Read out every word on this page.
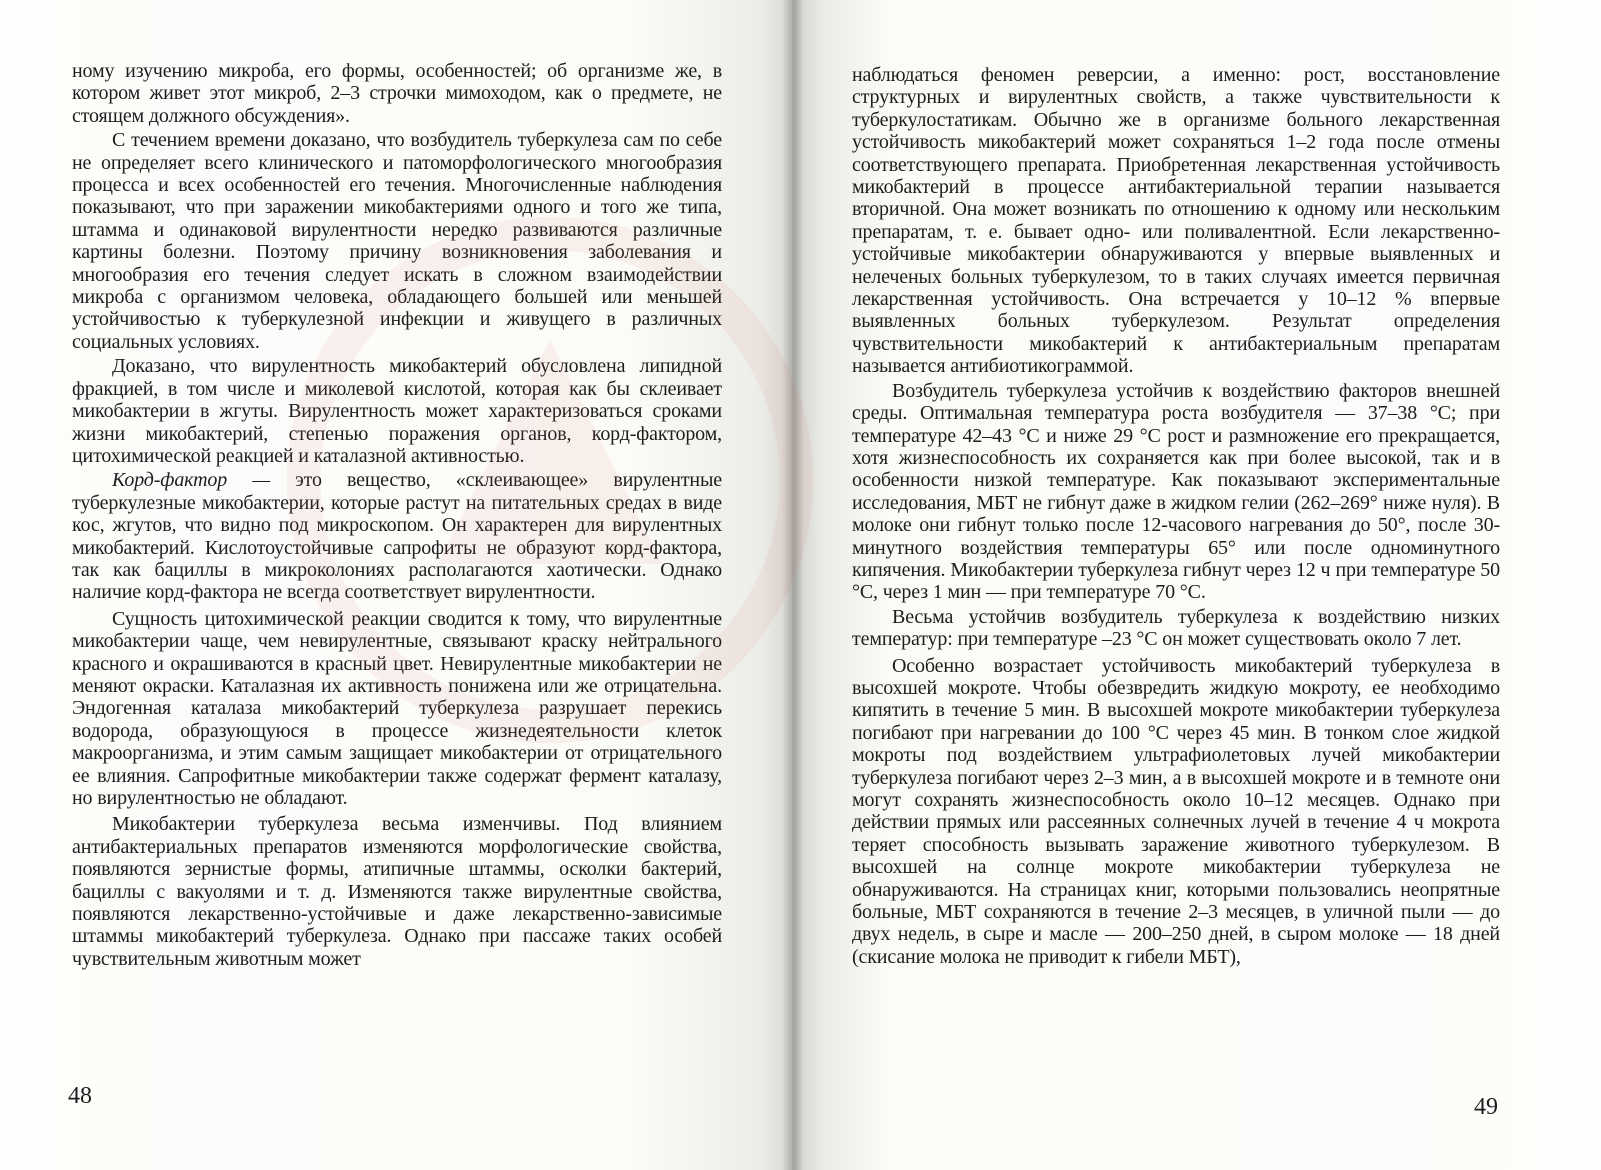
ному изучению микроба, его формы, особенностей; об организме же, в котором живет этот микроб, 2–3 строчки мимоходом, как о предмете, не стоящем должного обсуждения».

С течением времени доказано, что возбудитель туберкулеза сам по себе не определяет всего клинического и патоморфологического многообразия процесса и всех особенностей его течения. Многочисленные наблюдения показывают, что при заражении микобактериями одного и того же типа, штамма и одинаковой вирулентности нередко развиваются различные картины болезни. Поэтому причину возникновения заболевания и многообразия его течения следует искать в сложном взаимодействии микроба с организмом человека, обладающего большей или меньшей устойчивостью к туберкулезной инфекции и живущего в различных социальных условиях.

Доказано, что вирулентность микобактерий обусловлена липидной фракцией, в том числе и миколевой кислотой, которая как бы склеивает микобактерии в жгуты. Вирулентность может характеризоваться сроками жизни микобактерий, степенью поражения органов, корд-фактором, цитохимической реакцией и каталазной активностью.

Корд-фактор — это вещество, «склеивающее» вирулентные туберкулезные микобактерии, которые растут на питательных средах в виде кос, жгутов, что видно под микроскопом. Он характерен для вирулентных микобактерий. Кислотоустойчивые сапрофиты не образуют корд-фактора, так как бациллы в микроколониях располагаются хаотически. Однако наличие корд-фактора не всегда соответствует вирулентности.

Сущность цитохимической реакции сводится к тому, что вирулентные микобактерии чаще, чем невирулентные, связывают краску нейтрального красного и окрашиваются в красный цвет. Невирулентные микобактерии не меняют окраски. Каталазная их активность понижена или же отрицательна. Эндогенная каталаза микобактерий туберкулеза разрушает перекись водорода, образующуюся в процессе жизнедеятельности клеток макроорганизма, и этим самым защищает микобактерии от отрицательного ее влияния. Сапрофитные микобактерии также содержат фермент каталазу, но вирулентностью не обладают.

Микобактерии туберкулеза весьма изменчивы. Под влиянием антибактериальных препаратов изменяются морфологические свойства, появляются зернистые формы, атипичные штаммы, осколки бактерий, бациллы с вакуолями и т. д. Изменяются также вирулентные свойства, появляются лекарственно-устойчивые и даже лекарственно-зависимые штаммы микобактерий туберкулеза. Однако при пассаже таких особей чувствительным животным может

48

наблюдаться феномен реверсии, а именно: рост, восстановление структурных и вирулентных свойств, а также чувствительности к туберкулостатикам. Обычно же в организме больного лекарственная устойчивость микобактерий может сохраняться 1–2 года после отмены соответствующего препарата. Приобретенная лекарственная устойчивость микобактерий в процессе антибактериальной терапии называется вторичной. Она может возникать по отношению к одному или нескольким препаратам, т. е. бывает одно- или поливалентной. Если лекарственно-устойчивые микобактерии обнаруживаются у впервые выявленных и нелеченых больных туберкулезом, то в таких случаях имеется первичная лекарственная устойчивость. Она встречается у 10–12 % впервые выявленных больных туберкулезом. Результат определения чувствительности микобактерий к антибактериальным препаратам называется антибиотикограммой.

Возбудитель туберкулеза устойчив к воздействию факторов внешней среды. Оптимальная температура роста возбудителя — 37–38 °С; при температуре 42–43 °С и ниже 29 °С рост и размножение его прекращается, хотя жизнеспособность их сохраняется как при более высокой, так и в особенности низкой температуре. Как показывают экспериментальные исследования, МБТ не гибнут даже в жидком гелии (262–269° ниже нуля). В молоке они гибнут только после 12-часового нагревания до 50°, после 30-минутного воздействия температуры 65° или после одноминутного кипячения. Микобактерии туберкулеза гибнут через 12 ч при температуре 50 °С, через 1 мин — при температуре 70 °С.

Весьма устойчив возбудитель туберкулеза к воздействию низких температур: при температуре –23 °С он может существовать около 7 лет.

Особенно возрастает устойчивость микобактерий туберкулеза в высохшей мокроте. Чтобы обезвредить жидкую мокроту, ее необходимо кипятить в течение 5 мин. В высохшей мокроте микобактерии туберкулеза погибают при нагревании до 100 °С через 45 мин. В тонком слое жидкой мокроты под воздействием ультрафиолетовых лучей микобактерии туберкулеза погибают через 2–3 мин, а в высохшей мокроте и в темноте они могут сохранять жизнеспособность около 10–12 месяцев. Однако при действии прямых или рассеянных солнечных лучей в течение 4 ч мокрота теряет способность вызывать заражение животного туберкулезом. В высохшей на солнце мокроте микобактерии туберкулеза не обнаруживаются. На страницах книг, которыми пользовались неопрятные больные, МБТ сохраняются в течение 2–3 месяцев, в уличной пыли — до двух недель, в сыре и масле — 200–250 дней, в сыром молоке — 18 дней (скисание молока не приводит к гибели МБТ),

49
